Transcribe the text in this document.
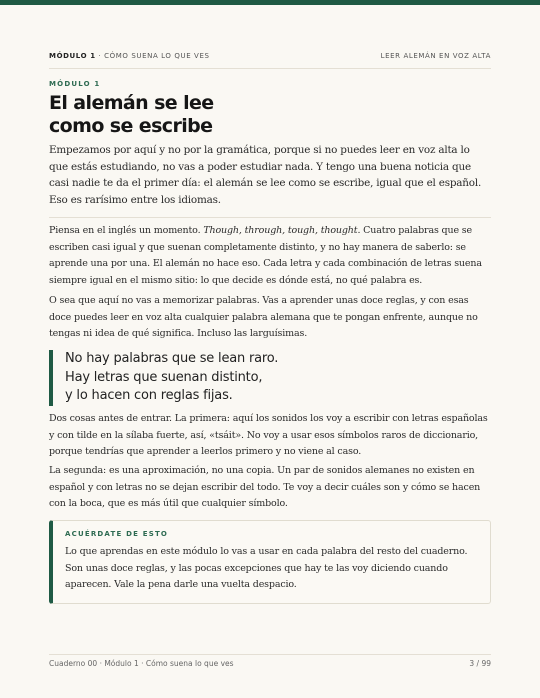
MÓDULO 1 · CÓMO SUENA LO QUE VES	LEER ALEMÁN EN VOZ ALTA
MÓDULO 1
El alemán se lee
como se escribe

Empezamos por aquí y no por la gramática, porque si no puedes leer en voz alta lo que estás estudiando, no vas a poder estudiar nada. Y tengo una buena noticia que casi nadie te da el primer día: el alemán se lee como se escribe, igual que el español. Eso es rarísimo entre los idiomas.

Piensa en el inglés un momento. Though, through, tough, thought. Cuatro palabras que se escriben casi igual y que suenan completamente distinto, y no hay manera de saberlo: se aprende una por una. El alemán no hace eso. Cada letra y cada combinación de letras suena siempre igual en el mismo sitio: lo que decide es dónde está, no qué palabra es.

O sea que aquí no vas a memorizar palabras. Vas a aprender unas doce reglas, y con esas doce puedes leer en voz alta cualquier palabra alemana que te pongan enfrente, aunque no tengas ni idea de qué significa. Incluso las larguísimas.

No hay palabras que se lean raro.
Hay letras que suenan distinto,
y lo hacen con reglas fijas.

Dos cosas antes de entrar. La primera: aquí los sonidos los voy a escribir con letras españolas y con tilde en la sílaba fuerte, así, «tsáit». No voy a usar esos símbolos raros de diccionario, porque tendrías que aprender a leerlos primero y no viene al caso.

La segunda: es una aproximación, no una copia. Un par de sonidos alemanes no existen en español y con letras no se dejan escribir del todo. Te voy a decir cuáles son y cómo se hacen con la boca, que es más útil que cualquier símbolo.

ACUÉRDATE DE ESTO
Lo que aprendas en este módulo lo vas a usar en cada palabra del resto del cuaderno. Son unas doce reglas, y las pocas excepciones que hay te las voy diciendo cuando aparecen. Vale la pena darle una vuelta despacio.
Cuaderno 00 · Módulo 1 · Cómo suena lo que ves	3 / 99
